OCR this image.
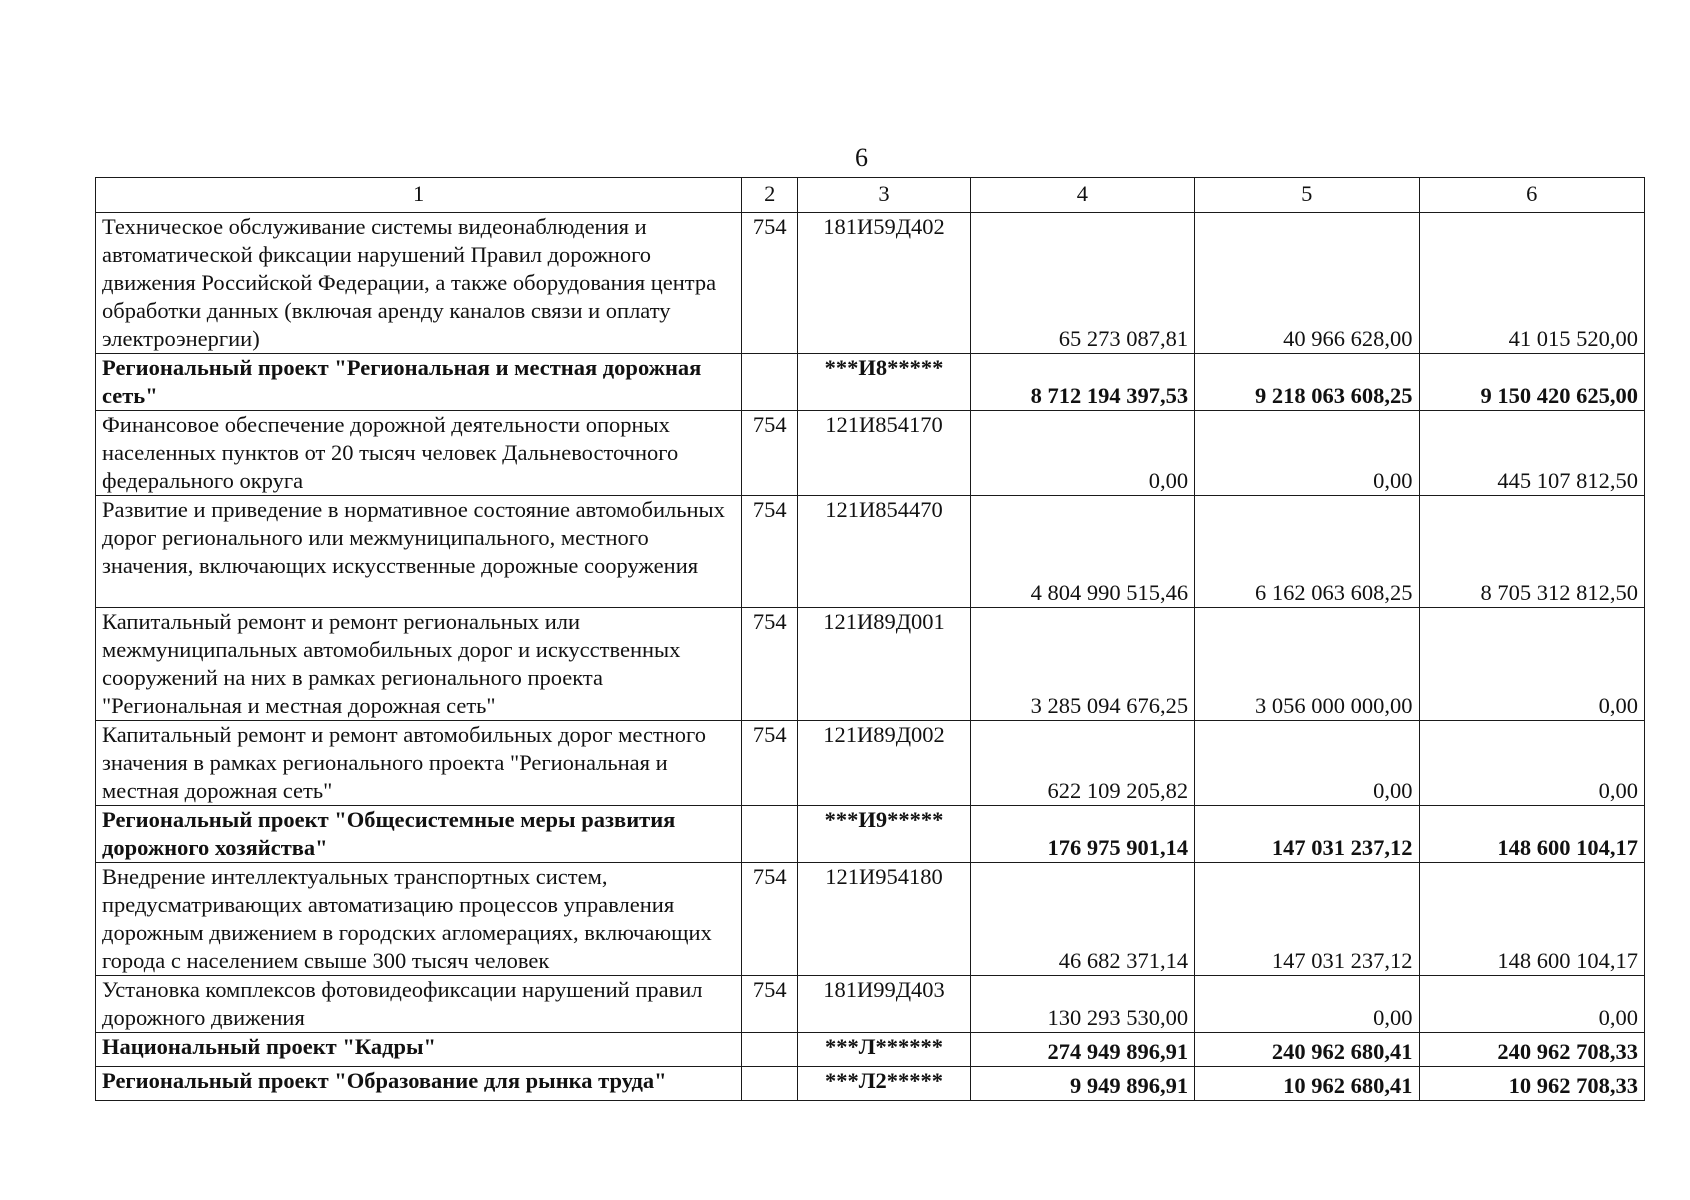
6
1	2	3	4	5	6
Техническое обслуживание системы видеонаблюдения и автоматической фиксации нарушений Правил дорожного движения Российской Федерации, а также оборудования центра обработки данных (включая аренду каналов связи и оплату электроэнергии)	754	181И59Д402	65 273 087,81	40 966 628,00	41 015 520,00
Региональный проект "Региональная и местная дорожная сеть"		***И8*****	8 712 194 397,53	9 218 063 608,25	9 150 420 625,00
Финансовое обеспечение дорожной деятельности опорных населенных пунктов от 20 тысяч человек Дальневосточного федерального округа	754	121И854170	0,00	0,00	445 107 812,50
Развитие и приведение в нормативное состояние автомобильных дорог регионального или межмуниципального, местного значения, включающих искусственные дорожные сооружения	754	121И854470	4 804 990 515,46	6 162 063 608,25	8 705 312 812,50
Капитальный ремонт и ремонт региональных или межмуниципальных автомобильных дорог и искусственных сооружений на них в рамках регионального проекта "Региональная и местная дорожная сеть"	754	121И89Д001	3 285 094 676,25	3 056 000 000,00	0,00
Капитальный ремонт и ремонт автомобильных дорог местного значения в рамках регионального проекта "Региональная и местная дорожная сеть"	754	121И89Д002	622 109 205,82	0,00	0,00
Региональный проект "Общесистемные меры развития дорожного хозяйства"		***И9*****	176 975 901,14	147 031 237,12	148 600 104,17
Внедрение интеллектуальных транспортных систем, предусматривающих автоматизацию процессов управления дорожным движением в городских агломерациях, включающих города с населением свыше 300 тысяч человек	754	121И954180	46 682 371,14	147 031 237,12	148 600 104,17
Установка комплексов фотовидеофиксации нарушений правил дорожного движения	754	181И99Д403	130 293 530,00	0,00	0,00
Национальный проект "Кадры"		***Л******	274 949 896,91	240 962 680,41	240 962 708,33
Региональный проект "Образование для рынка труда"		***Л2*****	9 949 896,91	10 962 680,41	10 962 708,33
